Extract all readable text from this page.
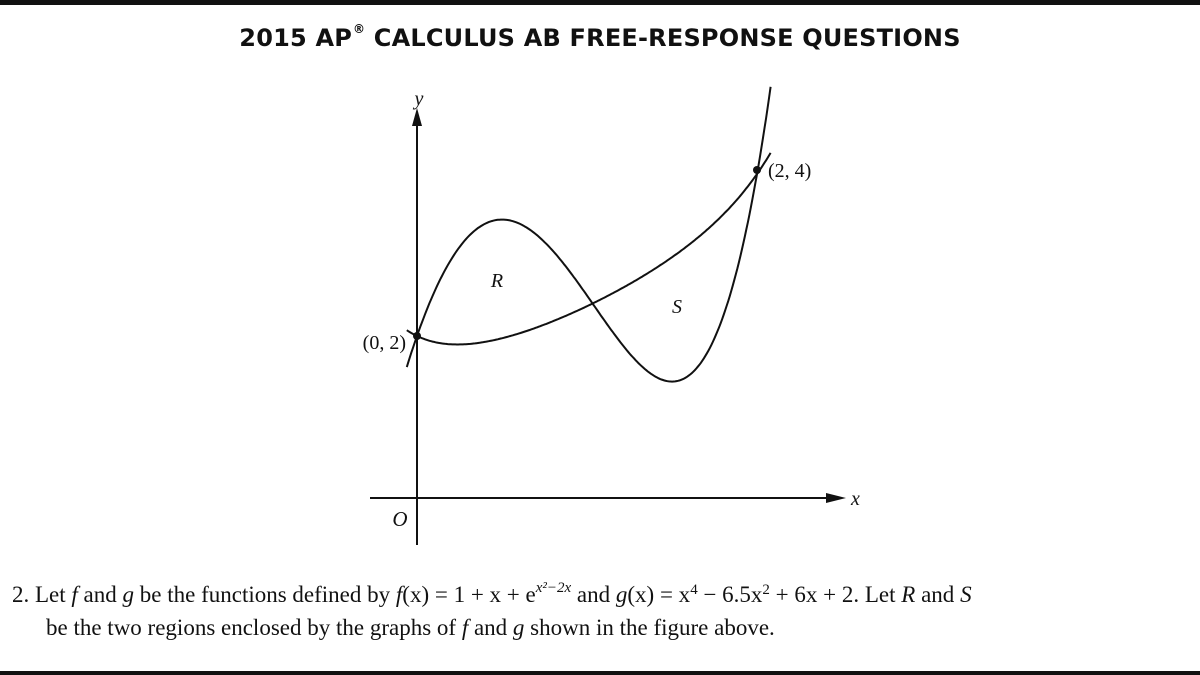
2015 AP® CALCULUS AB FREE-RESPONSE QUESTIONS
y
x
O
(0, 2)
(2, 4)
R
S
2. Let f and g be the functions defined by $f(x) = 1 + x + e^{x^2-2x}$ and $g(x) = x^4 - 6.5x^2 + 6x + 2$. Let R and S
be the two regions enclosed by the graphs of f and g shown in the figure above.
